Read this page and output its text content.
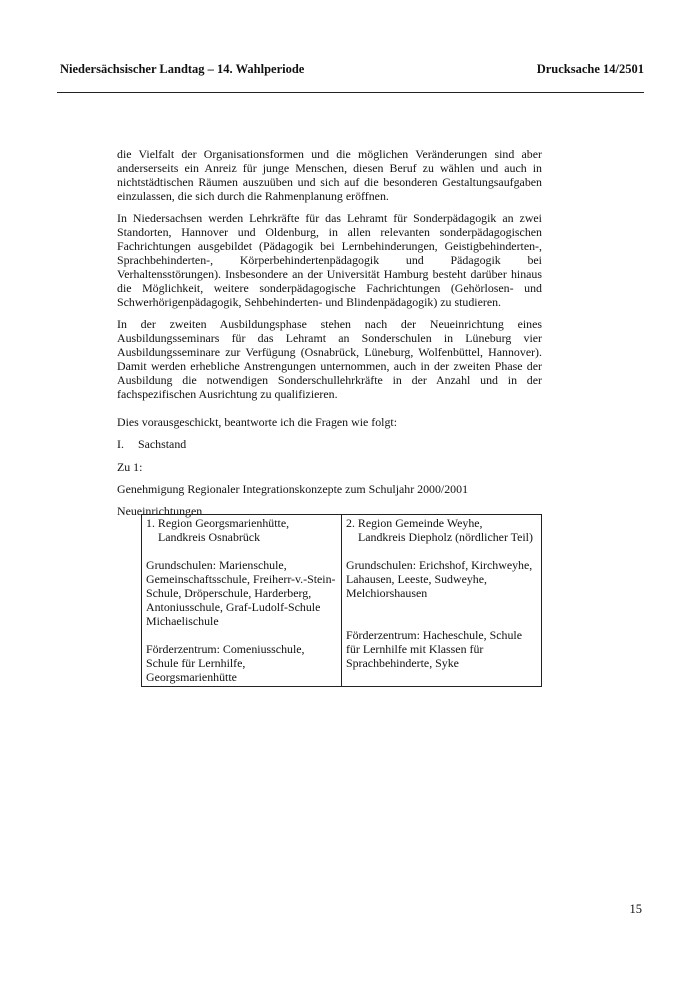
Niedersächsischer Landtag – 14. Wahlperiode	Drucksache 14/2501

die Vielfalt der Organisationsformen und die möglichen Veränderungen sind aber anderserseits ein Anreiz für junge Menschen, diesen Beruf zu wählen und auch in nichtstädtischen Räumen auszuüben und sich auf die besonderen Gestaltungsaufgaben einzulassen, die sich durch die Rahmenplanung eröffnen.

In Niedersachsen werden Lehrkräfte für das Lehramt für Sonderpädagogik an zwei Standorten, Hannover und Oldenburg, in allen relevanten sonderpädagogischen Fachrichtungen ausgebildet (Pädagogik bei Lernbehinderungen, Geistigbehinderten-, Sprachbehinderten-, Körperbehindertenpädagogik und Pädagogik bei Verhaltensstörungen). Insbesondere an der Universität Hamburg besteht darüber hinaus die Möglichkeit, weitere sonderpädagogische Fachrichtungen (Gehörlosen- und Schwerhörigenpädagogik, Sehbehinderten- und Blindenpädagogik) zu studieren.

In der zweiten Ausbildungsphase stehen nach der Neueinrichtung eines Ausbildungsseminars für das Lehramt an Sonderschulen in Lüneburg vier Ausbildungsseminare zur Verfügung (Osnabrück, Lüneburg, Wolfenbüttel, Hannover). Damit werden erhebliche Anstrengungen unternommen, auch in der zweiten Phase der Ausbildung die notwendigen Sonderschullehrkräfte in der Anzahl und in der fachspezifischen Ausrichtung zu qualifizieren.

Dies vorausgeschickt, beantworte ich die Fragen wie folgt:

I. Sachstand

Zu 1:

Genehmigung Regionaler Integrationskonzepte zum Schuljahr 2000/2001

Neueinrichtungen

1. Region Georgsmarienhütte,
Landkreis Osnabrück

Grundschulen: Marienschule, Gemeinschaftsschule, Freiherr-v.-Stein-Schule, Dröperschule, Harderberg, Antoniusschule, Graf-Ludolf-Schule Michaelischule

Förderzentrum: Comeniusschule, Schule für Lernhilfe, Georgsmarienhütte

2. Region Gemeinde Weyhe,
Landkreis Diepholz (nördlicher Teil)

Grundschulen: Erichshof, Kirchweyhe, Lahausen, Leeste, Sudweyhe, Melchiorshausen

Förderzentrum: Hacheschule, Schule für Lernhilfe mit Klassen für Sprachbehinderte, Syke

15
